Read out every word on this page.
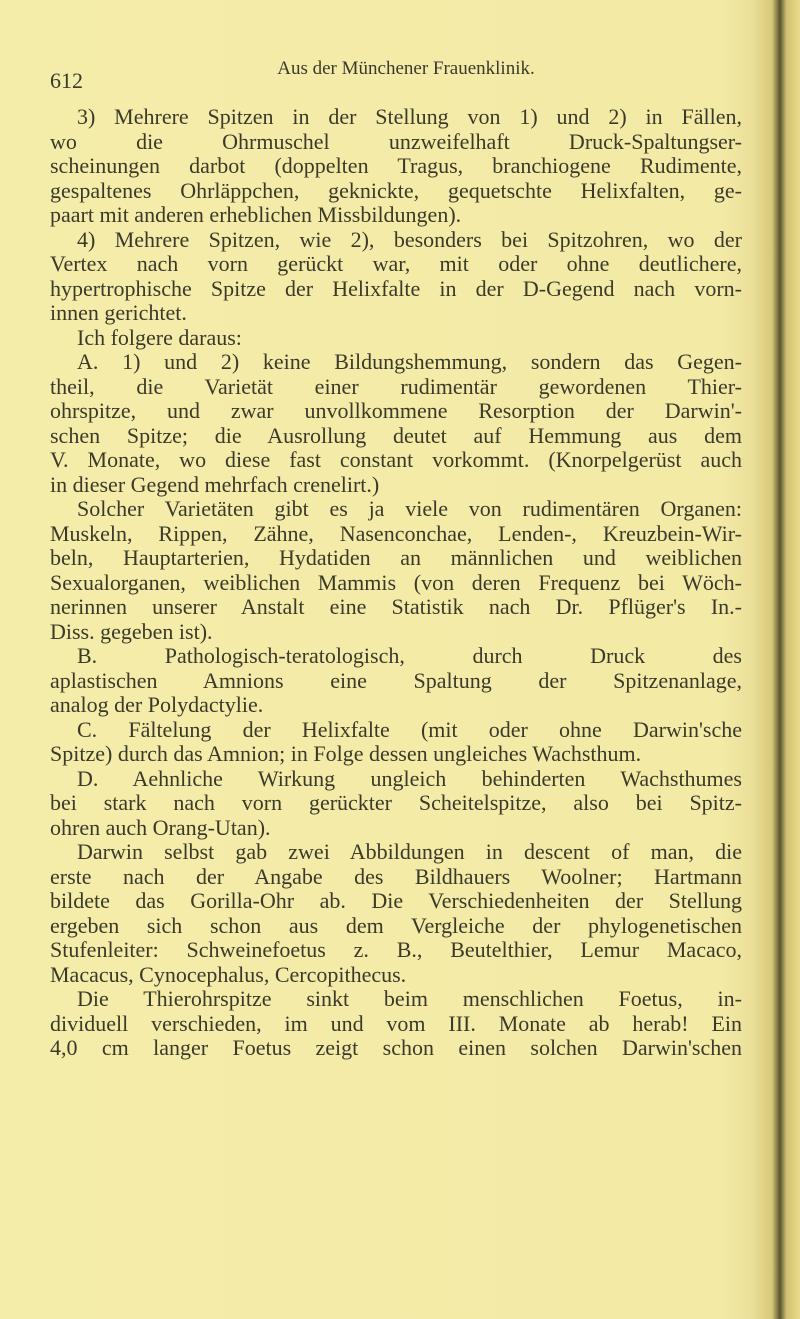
612	Aus der Münchener Frauenklinik.
3) Mehrere Spitzen in der Stellung von 1) und 2) in Fällen,
wo die Ohrmuschel unzweifelhaft Druck-Spaltungser-
scheinungen darbot (doppelten Tragus, branchiogene Rudimente,
gespaltenes Ohrläppchen, geknickte, gequetschte Helixfalten, ge-
paart mit anderen erheblichen Missbildungen).
4) Mehrere Spitzen, wie 2), besonders bei Spitzohren, wo der
Vertex nach vorn gerückt war, mit oder ohne deutlichere,
hypertrophische Spitze der Helixfalte in der D-Gegend nach vorn-
innen gerichtet.
Ich folgere daraus:
A. 1) und 2) keine Bildungshemmung, sondern das Gegen-
theil, die Varietät einer rudimentär gewordenen Thier-
ohrspitze, und zwar unvollkommene Resorption der Darwin'-
schen Spitze; die Ausrollung deutet auf Hemmung aus dem
V. Monate, wo diese fast constant vorkommt. (Knorpelgerüst auch
in dieser Gegend mehrfach crenelirt.)
Solcher Varietäten gibt es ja viele von rudimentären Organen:
Muskeln, Rippen, Zähne, Nasenconchae, Lenden-, Kreuzbein-Wir-
beln, Hauptarterien, Hydatiden an männlichen und weiblichen
Sexualorganen, weiblichen Mammis (von deren Frequenz bei Wöch-
nerinnen unserer Anstalt eine Statistik nach Dr. Pflüger's In.-
Diss. gegeben ist).
B. Pathologisch-teratologisch, durch Druck des
aplastischen Amnions eine Spaltung der Spitzenanlage,
analog der Polydactylie.
C. Fältelung der Helixfalte (mit oder ohne Darwin'sche
Spitze) durch das Amnion; in Folge dessen ungleiches Wachsthum.
D. Aehnliche Wirkung ungleich behinderten Wachsthumes
bei stark nach vorn gerückter Scheitelspitze, also bei Spitz-
ohren auch Orang-Utan).
Darwin selbst gab zwei Abbildungen in descent of man, die
erste nach der Angabe des Bildhauers Woolner; Hartmann
bildete das Gorilla-Ohr ab. Die Verschiedenheiten der Stellung
ergeben sich schon aus dem Vergleiche der phylogenetischen
Stufenleiter: Schweinefoetus z. B., Beutelthier, Lemur Macaco,
Macacus, Cynocephalus, Cercopithecus.
Die Thierohrspitze sinkt beim menschlichen Foetus, in-
dividuell verschieden, im und vom III. Monate ab herab! Ein
4,0 cm langer Foetus zeigt schon einen solchen Darwin'schen
